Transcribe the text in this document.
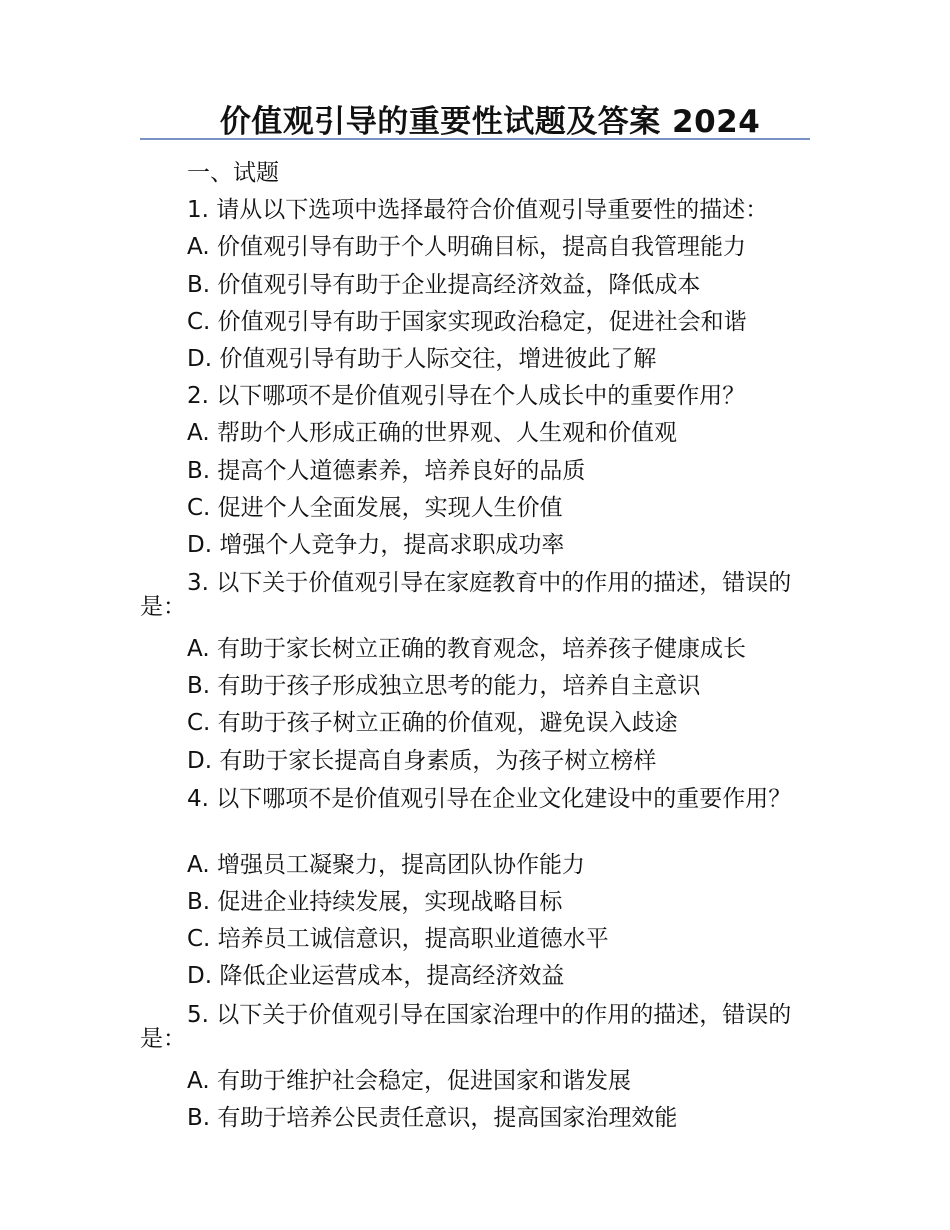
价值观引导的重要性试题及答案 2024
一、试题
1. 请从以下选项中选择最符合价值观引导重要性的描述：
A. 价值观引导有助于个人明确目标，提高自我管理能力
B. 价值观引导有助于企业提高经济效益，降低成本
C. 价值观引导有助于国家实现政治稳定，促进社会和谐
D. 价值观引导有助于人际交往，增进彼此了解
2. 以下哪项不是价值观引导在个人成长中的重要作用？
A. 帮助个人形成正确的世界观、人生观和价值观
B. 提高个人道德素养，培养良好的品质
C. 促进个人全面发展，实现人生价值
D. 增强个人竞争力，提高求职成功率
3. 以下关于价值观引导在家庭教育中的作用的描述，错误的是：
A. 有助于家长树立正确的教育观念，培养孩子健康成长
B. 有助于孩子形成独立思考的能力，培养自主意识
C. 有助于孩子树立正确的价值观，避免误入歧途
D. 有助于家长提高自身素质，为孩子树立榜样
4. 以下哪项不是价值观引导在企业文化建设中的重要作用？
A. 增强员工凝聚力，提高团队协作能力
B. 促进企业持续发展，实现战略目标
C. 培养员工诚信意识，提高职业道德水平
D. 降低企业运营成本，提高经济效益
5. 以下关于价值观引导在国家治理中的作用的描述，错误的是：
A. 有助于维护社会稳定，促进国家和谐发展
B. 有助于培养公民责任意识，提高国家治理效能
